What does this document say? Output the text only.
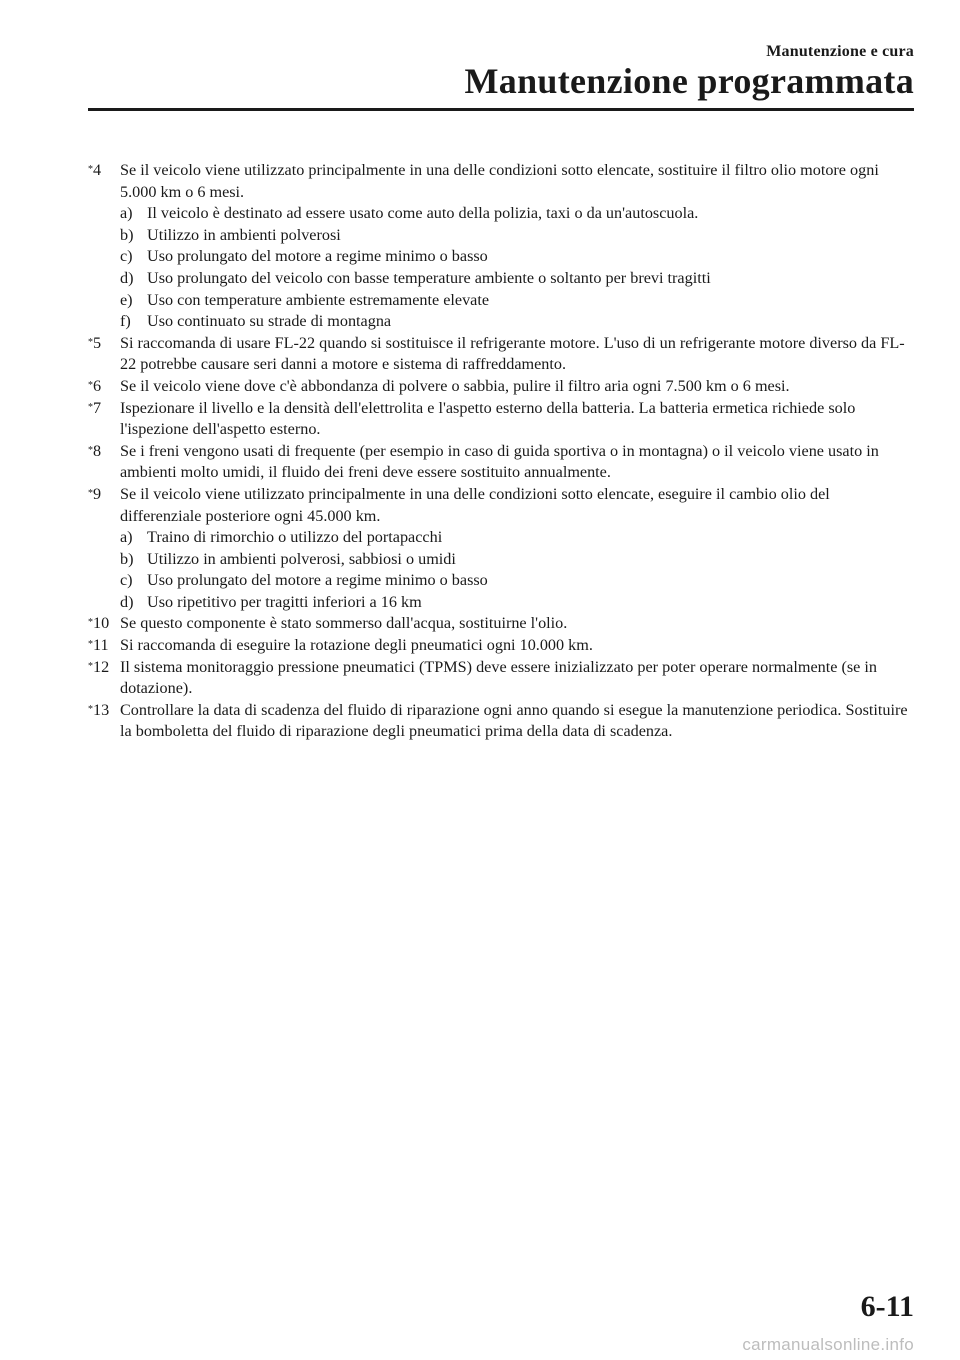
Manutenzione e cura
Manutenzione programmata
*4	Se il veicolo viene utilizzato principalmente in una delle condizioni sotto elencate, sostituire il filtro olio motore ogni 5.000 km o 6 mesi.
a) Il veicolo è destinato ad essere usato come auto della polizia, taxi o da un'autoscuola.
b) Utilizzo in ambienti polverosi
c) Uso prolungato del motore a regime minimo o basso
d) Uso prolungato del veicolo con basse temperature ambiente o soltanto per brevi tragitti
e) Uso con temperature ambiente estremamente elevate
f)	Uso continuato su strade di montagna
*5	Si raccomanda di usare FL-22 quando si sostituisce il refrigerante motore. L'uso di un refrigerante motore diverso da FL-22 potrebbe causare seri danni a motore e sistema di raffreddamento.
*6	Se il veicolo viene dove c'è abbondanza di polvere o sabbia, pulire il filtro aria ogni 7.500 km o 6 mesi.
*7	Ispezionare il livello e la densità dell'elettrolita e l'aspetto esterno della batteria. La batteria ermetica richiede solo l'ispezione dell'aspetto esterno.
*8	Se i freni vengono usati di frequente (per esempio in caso di guida sportiva o in montagna) o il veicolo viene usato in ambienti molto umidi, il fluido dei freni deve essere sostituito annualmente.
*9	Se il veicolo viene utilizzato principalmente in una delle condizioni sotto elencate, eseguire il cambio olio del differenziale posteriore ogni 45.000 km.
a) Traino di rimorchio o utilizzo del portapacchi
b) Utilizzo in ambienti polverosi, sabbiosi o umidi
c) Uso prolungato del motore a regime minimo o basso
d) Uso ripetitivo per tragitti inferiori a 16 km
*10 Se questo componente è stato sommerso dall'acqua, sostituirne l'olio.
*11 Si raccomanda di eseguire la rotazione degli pneumatici ogni 10.000 km.
*12 Il sistema monitoraggio pressione pneumatici (TPMS) deve essere inizializzato per poter operare normalmente (se in dotazione).
*13 Controllare la data di scadenza del fluido di riparazione ogni anno quando si esegue la manutenzione periodica. Sostituire la bomboletta del fluido di riparazione degli pneumatici prima della data di scadenza.
6-11
carmanualsonline.info
